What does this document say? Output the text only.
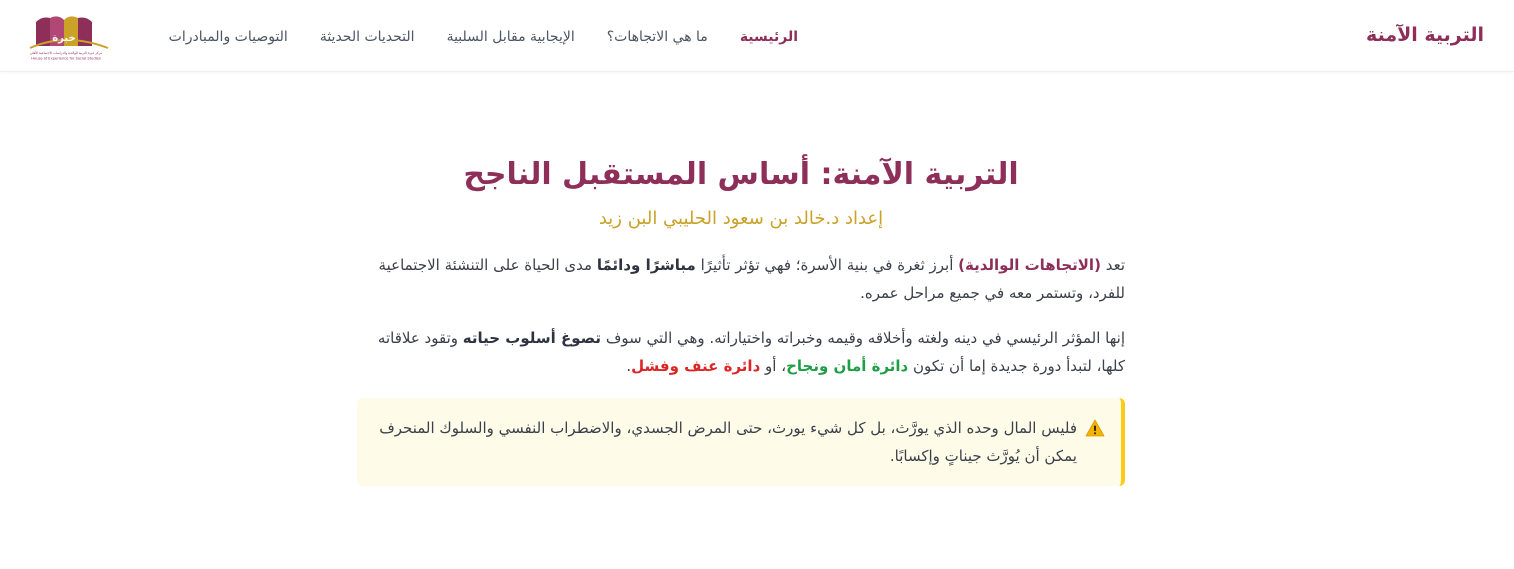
التربية الآمنة
الرئيسية
ما هي الاتجاهات؟
الإيجابية مقابل السلبية
التحديات الحديثة
التوصيات والمبادرات
خبرة
مركز خبرة التربية الوالدية والدراسات الاجتماعية الأهلي
House of Experience for Social Studies
التربية الآمنة: أساس المستقبل الناجح

إعداد د.خالد بن سعود الحليبي البن زيد

تعد (الاتجاهات الوالدية) أبرز ثغرة في بنية الأسرة؛ فهي تؤثر تأثيرًا مباشرًا ودائمًا مدى الحياة على التنشئة الاجتماعية للفرد، وتستمر معه في جميع مراحل عمره.

إنها المؤثر الرئيسي في دينه ولغته وأخلاقه وقيمه وخبراته واختياراته. وهي التي سوف تصوغ أسلوب حياته وتقود علاقاته كلها، لتبدأ دورة جديدة إما أن تكون دائرة أمان ونجاح، أو دائرة عنف وفشل.

فليس المال وحده الذي يورَّث، بل كل شيء يورث، حتى المرض الجسدي، والاضطراب النفسي والسلوك المنحرف يمكن أن يُورَّث جيناتٍ وإكسابًا.
